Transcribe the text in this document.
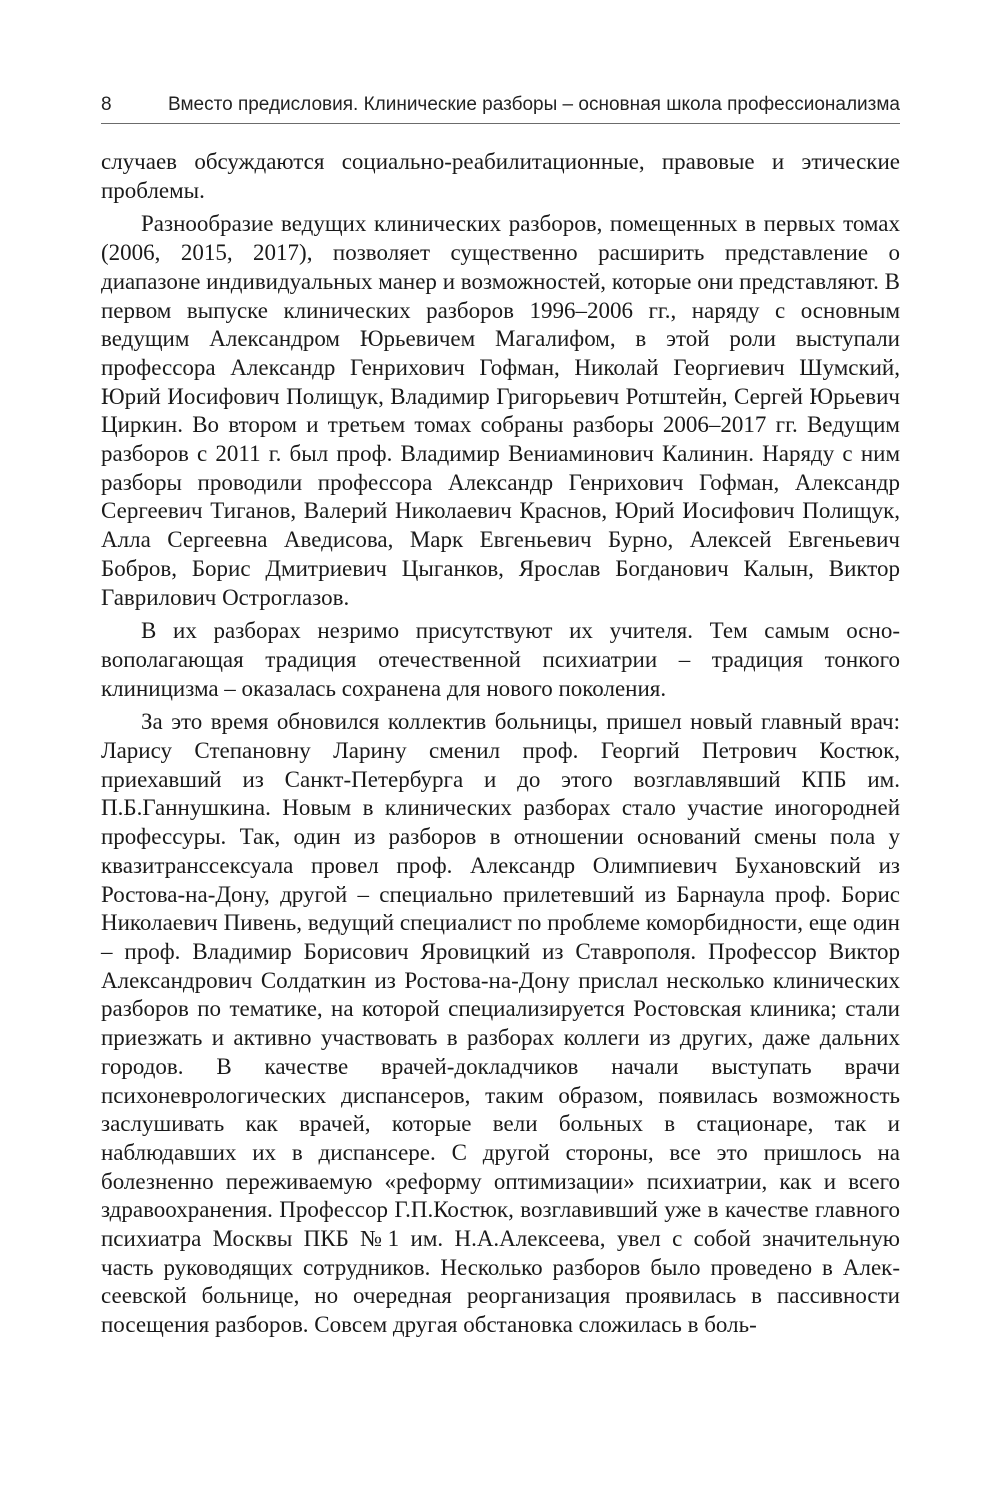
8	Вместо предисловия. Клинические разборы – основная школа профессионализма

случаев обсуждаются социально-реабилитационные, правовые и этические проблемы.

Разнообразие ведущих клинических разборов, помещенных в первых томах (2006, 2015, 2017), позволяет существенно расширить представление о диапазоне индивидуальных манер и возможностей, которые они представляют. В первом выпуске клинических разборов 1996–2006 гг., наряду с основным ведущим Александром Юрьевичем Магалифом, в этой роли выступали профессора Александр Генрихович Гофман, Николай Георгиевич Шумский, Юрий Иосифович Полищук, Владимир Григорьевич Ротштейн, Сергей Юрьевич Циркин. Во втором и третьем томах собраны разборы 2006–2017 гг. Ведущим разборов с 2011 г. был проф. Владимир Вениаминович Калинин. Наряду с ним разборы проводили профессора Александр Генрихович Гофман, Александр Сергеевич Тиганов, Валерий Николаевич Краснов, Юрий Иосифович Полищук, Алла Сергеевна Аведисова, Марк Евгеньевич Бурно, Алексей Евгеньевич Бобров, Борис Дмитриевич Цыганков, Ярослав Богданович Калын, Виктор Гаврилович Остроглазов.

В их разборах незримо присутствуют их учителя. Тем самым основополагающая традиция отечественной психиатрии – традиция тонкого клиницизма – оказалась сохранена для нового поколения.

За это время обновился коллектив больницы, пришел новый главный врач: Ларису Степановну Ларину сменил проф. Георгий Петрович Костюк, приехавший из Санкт-Петербурга и до этого возглавлявший КПБ им. П.Б.Ганнушкина. Новым в клинических разборах стало участие иногородней профессуры. Так, один из разборов в отношении оснований смены пола у квазитранссексуала провел проф. Александр Олимпиевич Бухановский из Ростова-на-Дону, другой – специально прилетевший из Барнаула проф. Борис Николаевич Пивень, ведущий специалист по проблеме коморбидности, еще один – проф. Владимир Борисович Яровицкий из Ставрополя. Профессор Виктор Александрович Солдаткин из Ростова-на-Дону прислал несколько клинических разборов по тематике, на которой специализируется Ростовская клиника; стали приезжать и активно участвовать в разборах коллеги из других, даже дальних городов. В качестве врачей-докладчиков начали выступать врачи психоневрологических диспансеров, таким образом, появилась возможность заслушивать как врачей, которые вели больных в стационаре, так и наблюдавших их в диспансере. С другой стороны, все это пришлось на болезненно переживаемую «реформу оптимизации» психиатрии, как и всего здравоохранения. Профессор Г.П.Костюк, возглавивший уже в качестве главного психиатра Москвы ПКБ №1 им. Н.А.Алексеева, увел с собой значительную часть руководящих сотрудников. Несколько разборов было проведено в Алексеевской больнице, но очередная реорганизация проявилась в пассивности посещения разборов. Совсем другая обстановка сложилась в боль-
